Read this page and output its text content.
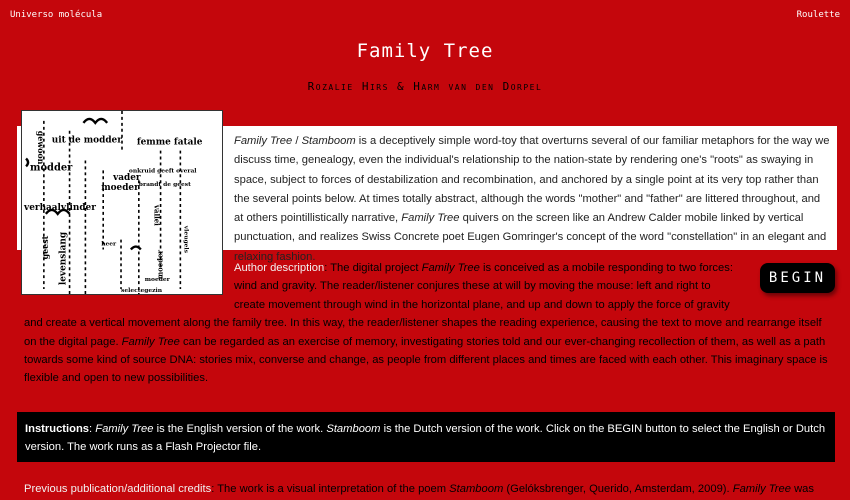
Universo molécula	Roulette
Family Tree
Rozalie Hirs & Harm van den Dorpel
Family Tree / Stamboom is a deceptively simple word-toy that overturns several of our familiar metaphors for the way we discuss time, genealogy, even the individual's relationship to the nation-state by rendering one's "roots" as swaying in space, subject to forces of destabilization and recombination, and anchored by a single point at its very top rather than the several points below. At times totally abstract, although the words "mother" and "father" are littered throughout, and at others pointillistically narrative, Family Tree quivers on the screen like an Andrew Calder mobile linked by vertical punctuation, and realizes Swiss Concrete poet Eugen Gomringer's concept of the word "constellation" in an elegant and relaxing fashion.
uit de modder femme fatale
modder
gewoon
moeder
onkruid geeft overal
vader
brandt de geest
verhaalvlinder
levenslang
geest
moeder
heer	vleugels
vallei
moeder
selectegezin
Author description: The digital project Family Tree is conceived as a mobile responding to two forces: wind and gravity. The reader/listener conjures these at will by moving the mouse: left and right to create movement through wind in the horizontal plane, and up and down to apply the force of gravity and create a vertical movement along the family tree. In this way, the reader/listener shapes the reading experience, causing the text to move and rearrange itself on the digital page. Family Tree can be regarded as an exercise of memory, investigating stories told and our ever-changing recollection of them, as well as a path towards some kind of source DNA: stories mix, converse and change, as people from different places and times are faced with each other. This imaginary space is flexible and open to new possibilities.
BEGIN
Instructions: Family Tree is the English version of the work. Stamboom is the Dutch version of the work. Click on the BEGIN button to select the English or Dutch version. The work runs as a Flash Projector file.
Previous publication/additional credits: The work is a visual interpretation of the poem Stamboom (Gelóksbrenger, Querido, Amsterdam, 2009). Family Tree was
